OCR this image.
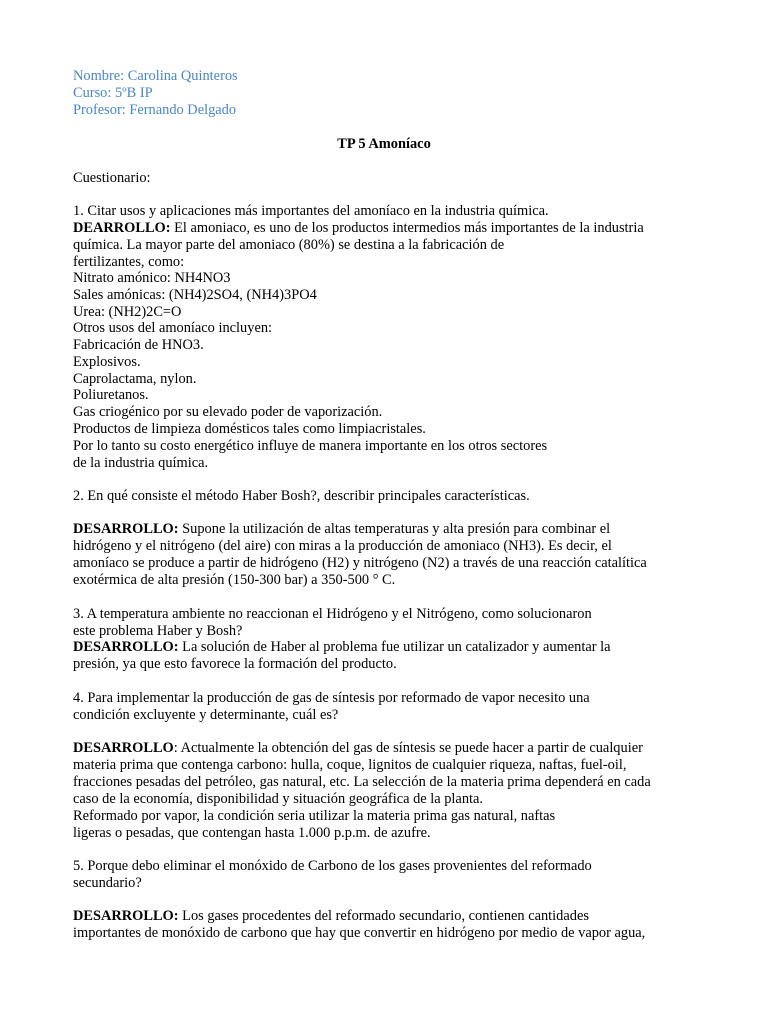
Nombre: Carolina Quinteros
Curso: 5ºB IP
Profesor: Fernando Delgado
TP 5 Amoníaco
Cuestionario:
1. Citar usos y aplicaciones más importantes del amoníaco en la industria química.
DEARROLLO: El amoniaco, es uno de los productos intermedios más importantes de la industria
química. La mayor parte del amoniaco (80%) se destina a la fabricación de
fertilizantes, como:
Nitrato amónico: NH4NO3
Sales amónicas: (NH4)2SO4, (NH4)3PO4
Urea: (NH2)2C=O
Otros usos del amoníaco incluyen:
Fabricación de HNO3.
Explosivos.
Caprolactama, nylon.
Poliuretanos.
Gas criogénico por su elevado poder de vaporización.
Productos de limpieza domésticos tales como limpiacristales.
Por lo tanto su costo energético influye de manera importante en los otros sectores
de la industria química.
2. En qué consiste el método Haber Bosh?, describir principales características.
DESARROLLO: Supone la utilización de altas temperaturas y alta presión para combinar el
hidrógeno y el nitrógeno (del aire) con miras a la producción de amoniaco (NH3). Es decir, el
amoníaco se produce a partir de hidrógeno (H2) y nitrógeno (N2) a través de una reacción catalítica
exotérmica de alta presión (150-300 bar) a 350-500 ° C.
3. A temperatura ambiente no reaccionan el Hidrógeno y el Nitrógeno, como solucionaron
este problema Haber y Bosh?
DESARROLLO: La solución de Haber al problema fue utilizar un catalizador y aumentar la
presión, ya que esto favorece la formación del producto.
4. Para implementar la producción de gas de síntesis por reformado de vapor necesito una
condición excluyente y determinante, cuál es?
DESARROLLO: Actualmente la obtención del gas de síntesis se puede hacer a partir de cualquier
materia prima que contenga carbono: hulla, coque, lignitos de cualquier riqueza, naftas, fuel-oil,
fracciones pesadas del petróleo, gas natural, etc. La selección de la materia prima dependerá en cada
caso de la economía, disponibilidad y situación geográfica de la planta.
Reformado por vapor, la condición seria utilizar la materia prima gas natural, naftas
ligeras o pesadas, que contengan hasta 1.000 p.p.m. de azufre.
5. Porque debo eliminar el monóxido de Carbono de los gases provenientes del reformado
secundario?
DESARROLLO: Los gases procedentes del reformado secundario, contienen cantidades
importantes de monóxido de carbono que hay que convertir en hidrógeno por medio de vapor agua,
